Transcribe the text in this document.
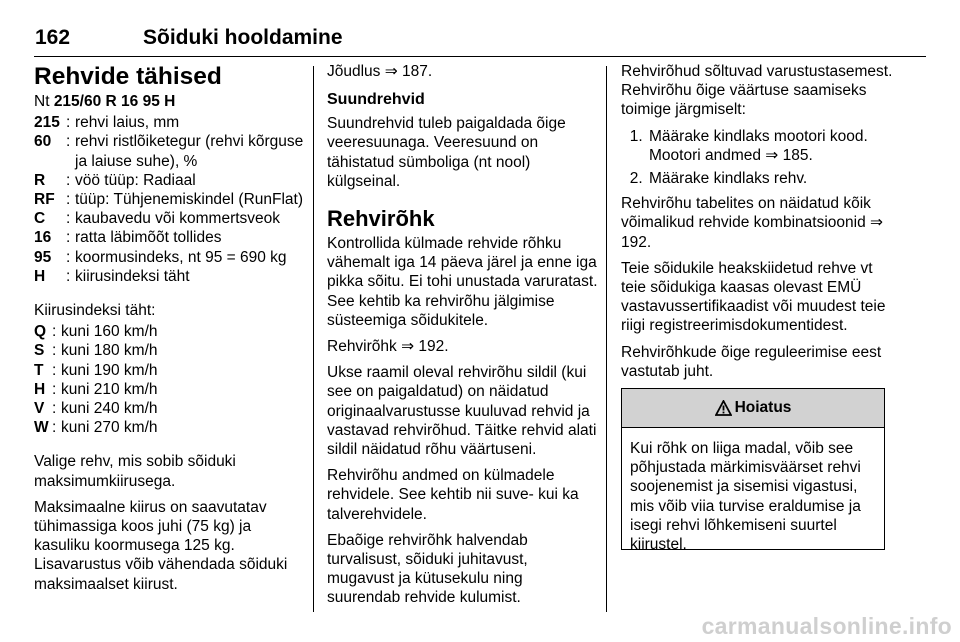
162	Sõiduki hooldamine
Rehvide tähised

Nt 215/60 R 16 95 H

215 : rehvi laius, mm
60 : rehvi ristlõiketegur (rehvi kõrguse ja laiuse suhe), %
R	: vöö tüüp: Radiaal
RF : tüüp: Tühjenemiskindel (RunFlat)
C	: kaubavedu või kommertsveok
16 : ratta läbimõõt tollides
95 : koormusindeks, nt 95 = 690 kg
H	: kiirusindeksi täht

Kiirusindeksi täht:

Q : kuni 160 km/h
S : kuni 180 km/h
T : kuni 190 km/h
H : kuni 210 km/h
V : kuni 240 km/h
W : kuni 270 km/h

Valige rehv, mis sobib sõiduki maksimumkiirusega.

Maksimaalne kiirus on saavutatav tühimassiga koos juhi (75 kg) ja kasuliku koormusega 125 kg. Lisavarustus võib vähendada sõiduki maksimaalset kiirust.

Jõudlus ⇒ 187.

Suundrehvid

Suundrehvid tuleb paigaldada õige veeresuunaga. Veeresuund on tähistatud sümboliga (nt nool) külgseinal.

Rehvirõhk

Kontrollida külmade rehvide rõhku vähemalt iga 14 päeva järel ja enne iga pikka sõitu. Ei tohi unustada varuratast. See kehtib ka rehvirõhu jälgimise süsteemiga sõidukitele.

Rehvirõhk ⇒ 192.

Ukse raamil oleval rehvirõhu sildil (kui see on paigaldatud) on näidatud originaalvarustusse kuuluvad rehvid ja vastavad rehvirõhud. Täitke rehvid alati sildil näidatud rõhu väärtuseni.

Rehvirõhu andmed on külmadele rehvidele. See kehtib nii suve- kui ka talverehvidele.

Ebaõige rehvirõhk halvendab turvalisust, sõiduki juhitavust, mugavust ja kütusekulu ning suurendab rehvide kulumist.

Rehvirõhud sõltuvad varustustasemest. Rehvirõhu õige väärtuse saamiseks toimige järgmiselt:

1. Määrake kindlaks mootori kood. Mootori andmed ⇒ 185.
2. Määrake kindlaks rehv.

Rehvirõhu tabelites on näidatud kõik võimalikud rehvide kombinatsioonid ⇒ 192.

Teie sõidukile heakskiidetud rehve vt teie sõidukiga kaasas olevast EMÜ vastavussertifikaadist või muudest teie riigi registreerimisdokumentidest.

Rehvirõhkude õige reguleerimise eest vastutab juht.

Hoiatus
Kui rõhk on liiga madal, võib see põhjustada märkimisväärset rehvi soojenemist ja sisemisi vigastusi, mis võib viia turvise eraldumise ja isegi rehvi lõhkemiseni suurtel kiirustel.
carmanualsonline.info
